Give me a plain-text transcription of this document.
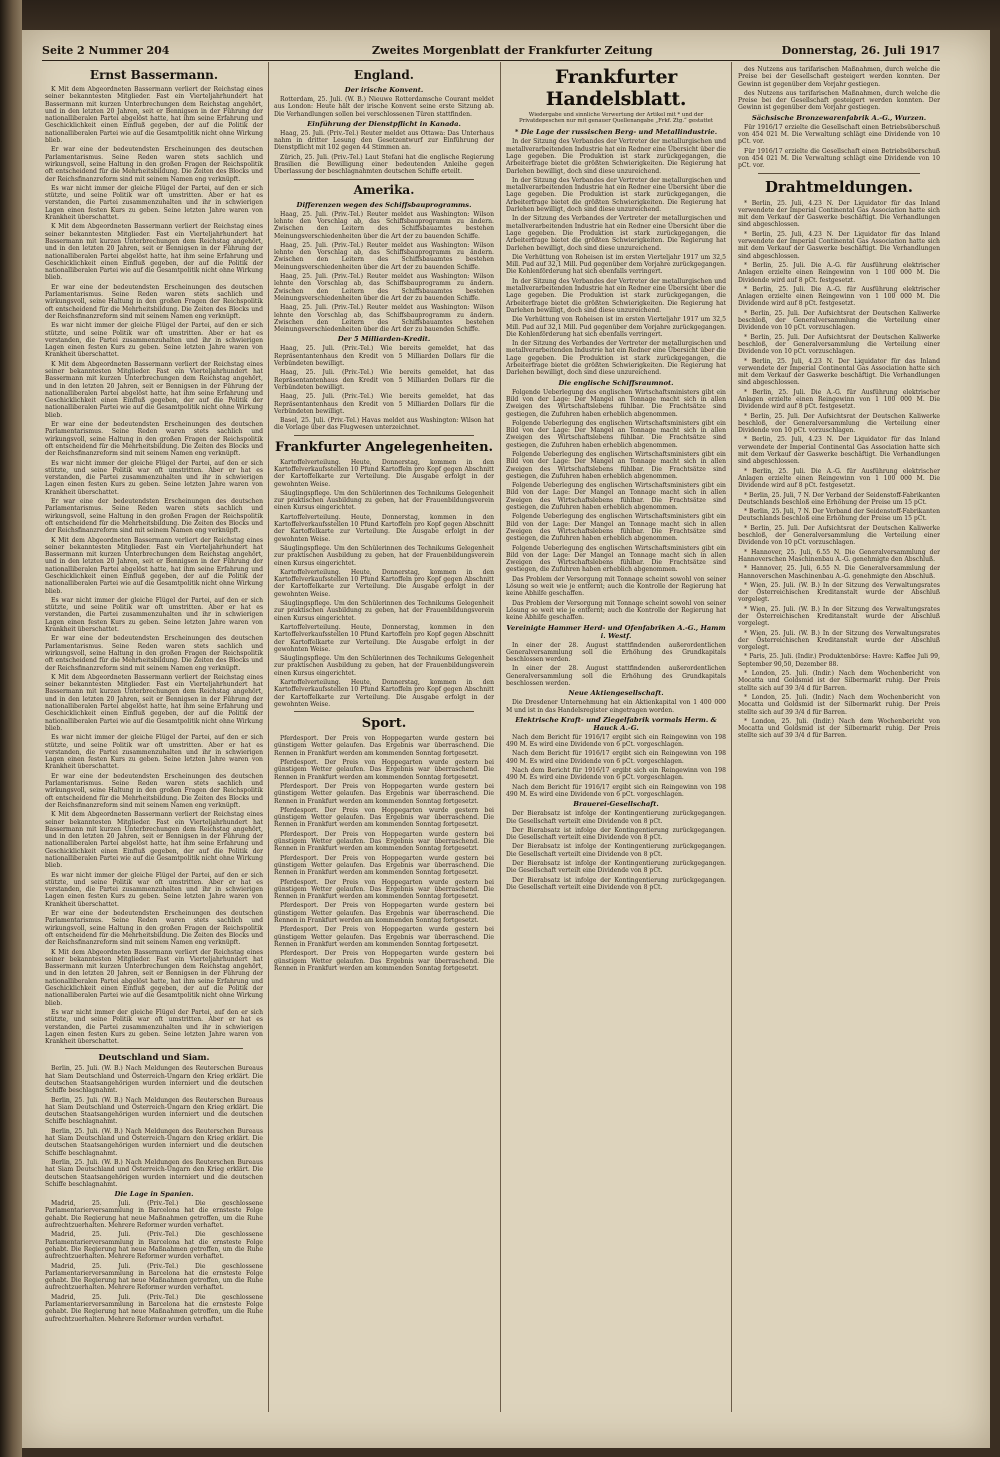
Seite 2 Nummer 204	Zweites Morgenblatt der Frankfurter Zeitung	Donnerstag, 26. Juli 1917
Ernst Bassermann.

K Mit dem Abgeordneten Bassermann verliert der Reichstag eines seiner bekanntesten Mitglieder. Fast ein Vierteljahrhundert hat Bassermann mit kurzen Unterbrechungen dem Reichstag angehört, und in den letzten 20 Jahren, seit er Bennigsen in der Führung der nationalliberalen Partei abgelöst hatte, hat ihm seine Erfahrung und Geschicklichkeit einen Einfluß gegeben, der auf die Politik der nationalliberalen Partei wie auf die Gesamtpolitik nicht ohne Wirkung blieb.

Er war eine der bedeutendsten Erscheinungen des deutschen Parlamentarismus. Seine Reden waren stets sachlich und wirkungsvoll, seine Haltung in den großen Fragen der Reichspolitik oft entscheidend für die Mehrheitsbildung. Die Zeiten des Blocks und der Reichsfinanzreform sind mit seinem Namen eng verknüpft.

Es war nicht immer der gleiche Flügel der Partei, auf den er sich stützte, und seine Politik war oft umstritten. Aber er hat es verstanden, die Partei zusammenzuhalten und ihr in schwierigen Lagen einen festen Kurs zu geben. Seine letzten Jahre waren von Krankheit überschattet.

K Mit dem Abgeordneten Bassermann verliert der Reichstag eines seiner bekanntesten Mitglieder. Fast ein Vierteljahrhundert hat Bassermann mit kurzen Unterbrechungen dem Reichstag angehört, und in den letzten 20 Jahren, seit er Bennigsen in der Führung der nationalliberalen Partei abgelöst hatte, hat ihm seine Erfahrung und Geschicklichkeit einen Einfluß gegeben, der auf die Politik der nationalliberalen Partei wie auf die Gesamtpolitik nicht ohne Wirkung blieb.

Er war eine der bedeutendsten Erscheinungen des deutschen Parlamentarismus. Seine Reden waren stets sachlich und wirkungsvoll, seine Haltung in den großen Fragen der Reichspolitik oft entscheidend für die Mehrheitsbildung. Die Zeiten des Blocks und der Reichsfinanzreform sind mit seinem Namen eng verknüpft.

Es war nicht immer der gleiche Flügel der Partei, auf den er sich stützte, und seine Politik war oft umstritten. Aber er hat es verstanden, die Partei zusammenzuhalten und ihr in schwierigen Lagen einen festen Kurs zu geben. Seine letzten Jahre waren von Krankheit überschattet.

K Mit dem Abgeordneten Bassermann verliert der Reichstag eines seiner bekanntesten Mitglieder. Fast ein Vierteljahrhundert hat Bassermann mit kurzen Unterbrechungen dem Reichstag angehört, und in den letzten 20 Jahren, seit er Bennigsen in der Führung der nationalliberalen Partei abgelöst hatte, hat ihm seine Erfahrung und Geschicklichkeit einen Einfluß gegeben, der auf die Politik der nationalliberalen Partei wie auf die Gesamtpolitik nicht ohne Wirkung blieb.

Er war eine der bedeutendsten Erscheinungen des deutschen Parlamentarismus. Seine Reden waren stets sachlich und wirkungsvoll, seine Haltung in den großen Fragen der Reichspolitik oft entscheidend für die Mehrheitsbildung. Die Zeiten des Blocks und der Reichsfinanzreform sind mit seinem Namen eng verknüpft.

Es war nicht immer der gleiche Flügel der Partei, auf den er sich stützte, und seine Politik war oft umstritten. Aber er hat es verstanden, die Partei zusammenzuhalten und ihr in schwierigen Lagen einen festen Kurs zu geben. Seine letzten Jahre waren von Krankheit überschattet.

Er war eine der bedeutendsten Erscheinungen des deutschen Parlamentarismus. Seine Reden waren stets sachlich und wirkungsvoll, seine Haltung in den großen Fragen der Reichspolitik oft entscheidend für die Mehrheitsbildung. Die Zeiten des Blocks und der Reichsfinanzreform sind mit seinem Namen eng verknüpft.

K Mit dem Abgeordneten Bassermann verliert der Reichstag eines seiner bekanntesten Mitglieder. Fast ein Vierteljahrhundert hat Bassermann mit kurzen Unterbrechungen dem Reichstag angehört, und in den letzten 20 Jahren, seit er Bennigsen in der Führung der nationalliberalen Partei abgelöst hatte, hat ihm seine Erfahrung und Geschicklichkeit einen Einfluß gegeben, der auf die Politik der nationalliberalen Partei wie auf die Gesamtpolitik nicht ohne Wirkung blieb.

Es war nicht immer der gleiche Flügel der Partei, auf den er sich stützte, und seine Politik war oft umstritten. Aber er hat es verstanden, die Partei zusammenzuhalten und ihr in schwierigen Lagen einen festen Kurs zu geben. Seine letzten Jahre waren von Krankheit überschattet.

Er war eine der bedeutendsten Erscheinungen des deutschen Parlamentarismus. Seine Reden waren stets sachlich und wirkungsvoll, seine Haltung in den großen Fragen der Reichspolitik oft entscheidend für die Mehrheitsbildung. Die Zeiten des Blocks und der Reichsfinanzreform sind mit seinem Namen eng verknüpft.

K Mit dem Abgeordneten Bassermann verliert der Reichstag eines seiner bekanntesten Mitglieder. Fast ein Vierteljahrhundert hat Bassermann mit kurzen Unterbrechungen dem Reichstag angehört, und in den letzten 20 Jahren, seit er Bennigsen in der Führung der nationalliberalen Partei abgelöst hatte, hat ihm seine Erfahrung und Geschicklichkeit einen Einfluß gegeben, der auf die Politik der nationalliberalen Partei wie auf die Gesamtpolitik nicht ohne Wirkung blieb.

Es war nicht immer der gleiche Flügel der Partei, auf den er sich stützte, und seine Politik war oft umstritten. Aber er hat es verstanden, die Partei zusammenzuhalten und ihr in schwierigen Lagen einen festen Kurs zu geben. Seine letzten Jahre waren von Krankheit überschattet.

Er war eine der bedeutendsten Erscheinungen des deutschen Parlamentarismus. Seine Reden waren stets sachlich und wirkungsvoll, seine Haltung in den großen Fragen der Reichspolitik oft entscheidend für die Mehrheitsbildung. Die Zeiten des Blocks und der Reichsfinanzreform sind mit seinem Namen eng verknüpft.

K Mit dem Abgeordneten Bassermann verliert der Reichstag eines seiner bekanntesten Mitglieder. Fast ein Vierteljahrhundert hat Bassermann mit kurzen Unterbrechungen dem Reichstag angehört, und in den letzten 20 Jahren, seit er Bennigsen in der Führung der nationalliberalen Partei abgelöst hatte, hat ihm seine Erfahrung und Geschicklichkeit einen Einfluß gegeben, der auf die Politik der nationalliberalen Partei wie auf die Gesamtpolitik nicht ohne Wirkung blieb.

Es war nicht immer der gleiche Flügel der Partei, auf den er sich stützte, und seine Politik war oft umstritten. Aber er hat es verstanden, die Partei zusammenzuhalten und ihr in schwierigen Lagen einen festen Kurs zu geben. Seine letzten Jahre waren von Krankheit überschattet.

Er war eine der bedeutendsten Erscheinungen des deutschen Parlamentarismus. Seine Reden waren stets sachlich und wirkungsvoll, seine Haltung in den großen Fragen der Reichspolitik oft entscheidend für die Mehrheitsbildung. Die Zeiten des Blocks und der Reichsfinanzreform sind mit seinem Namen eng verknüpft.

K Mit dem Abgeordneten Bassermann verliert der Reichstag eines seiner bekanntesten Mitglieder. Fast ein Vierteljahrhundert hat Bassermann mit kurzen Unterbrechungen dem Reichstag angehört, und in den letzten 20 Jahren, seit er Bennigsen in der Führung der nationalliberalen Partei abgelöst hatte, hat ihm seine Erfahrung und Geschicklichkeit einen Einfluß gegeben, der auf die Politik der nationalliberalen Partei wie auf die Gesamtpolitik nicht ohne Wirkung blieb.

Es war nicht immer der gleiche Flügel der Partei, auf den er sich stützte, und seine Politik war oft umstritten. Aber er hat es verstanden, die Partei zusammenzuhalten und ihr in schwierigen Lagen einen festen Kurs zu geben. Seine letzten Jahre waren von Krankheit überschattet.

Deutschland und Siam.

Berlin, 25. Juli. (W. B.) Nach Meldungen des Reuterschen Bureaus hat Siam Deutschland und Österreich-Ungarn den Krieg erklärt. Die deutschen Staatsangehörigen wurden interniert und die deutschen Schiffe beschlagnahmt.

Berlin, 25. Juli. (W. B.) Nach Meldungen des Reuterschen Bureaus hat Siam Deutschland und Österreich-Ungarn den Krieg erklärt. Die deutschen Staatsangehörigen wurden interniert und die deutschen Schiffe beschlagnahmt.

Berlin, 25. Juli. (W. B.) Nach Meldungen des Reuterschen Bureaus hat Siam Deutschland und Österreich-Ungarn den Krieg erklärt. Die deutschen Staatsangehörigen wurden interniert und die deutschen Schiffe beschlagnahmt.

Berlin, 25. Juli. (W. B.) Nach Meldungen des Reuterschen Bureaus hat Siam Deutschland und Österreich-Ungarn den Krieg erklärt. Die deutschen Staatsangehörigen wurden interniert und die deutschen Schiffe beschlagnahmt.

Die Lage in Spanien.

Madrid, 25. Juli. (Priv.-Tel.) Die geschlossene Parlamentarierversammlung in Barcelona hat die ernsteste Folge gehabt. Die Regierung hat neue Maßnahmen getroffen, um die Ruhe aufrechtzuerhalten. Mehrere Reformer wurden verhaftet.

Madrid, 25. Juli. (Priv.-Tel.) Die geschlossene Parlamentarierversammlung in Barcelona hat die ernsteste Folge gehabt. Die Regierung hat neue Maßnahmen getroffen, um die Ruhe aufrechtzuerhalten. Mehrere Reformer wurden verhaftet.

Madrid, 25. Juli. (Priv.-Tel.) Die geschlossene Parlamentarierversammlung in Barcelona hat die ernsteste Folge gehabt. Die Regierung hat neue Maßnahmen getroffen, um die Ruhe aufrechtzuerhalten. Mehrere Reformer wurden verhaftet.

Madrid, 25. Juli. (Priv.-Tel.) Die geschlossene Parlamentarierversammlung in Barcelona hat die ernsteste Folge gehabt. Die Regierung hat neue Maßnahmen getroffen, um die Ruhe aufrechtzuerhalten. Mehrere Reformer wurden verhaftet.

England.
Der irische Konvent.

Rotterdam, 25. Juli. (W. B.) Nieuwe Rotterdamsche Courant meldet aus London: Heute hält der irische Konvent seine erste Sitzung ab. Die Verhandlungen sollen bei verschlossenen Türen stattfinden.

Einführung der Dienstpflicht in Kanada.

Haag, 25. Juli. (Priv.-Tel.) Reuter meldet aus Ottawa: Das Unterhaus nahm in dritter Lesung den Gesetzentwurf zur Einführung der Dienstpflicht mit 102 gegen 44 Stimmen an.

Zürich, 25. Juli. (Priv.-Tel.) Laut Stefani hat die englische Regierung Brasilien die Bewilligung einer bedeutenden Anleihe gegen Überlassung der beschlagnahmten deutschen Schiffe erteilt.

Amerika.
Differenzen wegen des Schiffsbauprogramms.

Haag, 25. Juli. (Priv.-Tel.) Reuter meldet aus Washington: Wilson lehnte den Vorschlag ab, das Schiffsbauprogramm zu ändern. Zwischen den Leitern des Schiffsbauamtes bestehen Meinungsverschiedenheiten über die Art der zu bauenden Schiffe.

Haag, 25. Juli. (Priv.-Tel.) Reuter meldet aus Washington: Wilson lehnte den Vorschlag ab, das Schiffsbauprogramm zu ändern. Zwischen den Leitern des Schiffsbauamtes bestehen Meinungsverschiedenheiten über die Art der zu bauenden Schiffe.

Haag, 25. Juli. (Priv.-Tel.) Reuter meldet aus Washington: Wilson lehnte den Vorschlag ab, das Schiffsbauprogramm zu ändern. Zwischen den Leitern des Schiffsbauamtes bestehen Meinungsverschiedenheiten über die Art der zu bauenden Schiffe.

Haag, 25. Juli. (Priv.-Tel.) Reuter meldet aus Washington: Wilson lehnte den Vorschlag ab, das Schiffsbauprogramm zu ändern. Zwischen den Leitern des Schiffsbauamtes bestehen Meinungsverschiedenheiten über die Art der zu bauenden Schiffe.

Der 5 Milliarden-Kredit.

Haag, 25. Juli. (Priv.-Tel.) Wie bereits gemeldet, hat das Repräsentantenhaus den Kredit von 5 Milliarden Dollars für die Verbündeten bewilligt.

Haag, 25. Juli. (Priv.-Tel.) Wie bereits gemeldet, hat das Repräsentantenhaus den Kredit von 5 Milliarden Dollars für die Verbündeten bewilligt.

Haag, 25. Juli. (Priv.-Tel.) Wie bereits gemeldet, hat das Repräsentantenhaus den Kredit von 5 Milliarden Dollars für die Verbündeten bewilligt.

Basel, 25. Juli. (Priv.-Tel.) Havas meldet aus Washington: Wilson hat die Vorlage über das Flugwesen unterzeichnet.

Frankfurter Angelegenheiten.

Kartoffelverteilung. Heute, Donnerstag, kommen in den Kartoffelverkaufsstellen 10 Pfund Kartoffeln pro Kopf gegen Abschnitt der Kartoffelkarte zur Verteilung. Die Ausgabe erfolgt in der gewohnten Weise.

Säuglingspflege. Um den Schülerinnen des Technikums Gelegenheit zur praktischen Ausbildung zu geben, hat der Frauenbildungsverein einen Kursus eingerichtet.

Kartoffelverteilung. Heute, Donnerstag, kommen in den Kartoffelverkaufsstellen 10 Pfund Kartoffeln pro Kopf gegen Abschnitt der Kartoffelkarte zur Verteilung. Die Ausgabe erfolgt in der gewohnten Weise.

Säuglingspflege. Um den Schülerinnen des Technikums Gelegenheit zur praktischen Ausbildung zu geben, hat der Frauenbildungsverein einen Kursus eingerichtet.

Kartoffelverteilung. Heute, Donnerstag, kommen in den Kartoffelverkaufsstellen 10 Pfund Kartoffeln pro Kopf gegen Abschnitt der Kartoffelkarte zur Verteilung. Die Ausgabe erfolgt in der gewohnten Weise.

Säuglingspflege. Um den Schülerinnen des Technikums Gelegenheit zur praktischen Ausbildung zu geben, hat der Frauenbildungsverein einen Kursus eingerichtet.

Kartoffelverteilung. Heute, Donnerstag, kommen in den Kartoffelverkaufsstellen 10 Pfund Kartoffeln pro Kopf gegen Abschnitt der Kartoffelkarte zur Verteilung. Die Ausgabe erfolgt in der gewohnten Weise.

Säuglingspflege. Um den Schülerinnen des Technikums Gelegenheit zur praktischen Ausbildung zu geben, hat der Frauenbildungsverein einen Kursus eingerichtet.

Kartoffelverteilung. Heute, Donnerstag, kommen in den Kartoffelverkaufsstellen 10 Pfund Kartoffeln pro Kopf gegen Abschnitt der Kartoffelkarte zur Verteilung. Die Ausgabe erfolgt in der gewohnten Weise.

Sport.

Pferdesport. Der Preis von Hoppegarten wurde gestern bei günstigem Wetter gelaufen. Das Ergebnis war überraschend. Die Rennen in Frankfurt werden am kommenden Sonntag fortgesetzt.

Pferdesport. Der Preis von Hoppegarten wurde gestern bei günstigem Wetter gelaufen. Das Ergebnis war überraschend. Die Rennen in Frankfurt werden am kommenden Sonntag fortgesetzt.

Pferdesport. Der Preis von Hoppegarten wurde gestern bei günstigem Wetter gelaufen. Das Ergebnis war überraschend. Die Rennen in Frankfurt werden am kommenden Sonntag fortgesetzt.

Pferdesport. Der Preis von Hoppegarten wurde gestern bei günstigem Wetter gelaufen. Das Ergebnis war überraschend. Die Rennen in Frankfurt werden am kommenden Sonntag fortgesetzt.

Pferdesport. Der Preis von Hoppegarten wurde gestern bei günstigem Wetter gelaufen. Das Ergebnis war überraschend. Die Rennen in Frankfurt werden am kommenden Sonntag fortgesetzt.

Pferdesport. Der Preis von Hoppegarten wurde gestern bei günstigem Wetter gelaufen. Das Ergebnis war überraschend. Die Rennen in Frankfurt werden am kommenden Sonntag fortgesetzt.

Pferdesport. Der Preis von Hoppegarten wurde gestern bei günstigem Wetter gelaufen. Das Ergebnis war überraschend. Die Rennen in Frankfurt werden am kommenden Sonntag fortgesetzt.

Pferdesport. Der Preis von Hoppegarten wurde gestern bei günstigem Wetter gelaufen. Das Ergebnis war überraschend. Die Rennen in Frankfurt werden am kommenden Sonntag fortgesetzt.

Pferdesport. Der Preis von Hoppegarten wurde gestern bei günstigem Wetter gelaufen. Das Ergebnis war überraschend. Die Rennen in Frankfurt werden am kommenden Sonntag fortgesetzt.

Pferdesport. Der Preis von Hoppegarten wurde gestern bei günstigem Wetter gelaufen. Das Ergebnis war überraschend. Die Rennen in Frankfurt werden am kommenden Sonntag fortgesetzt.

Frankfurter Handelsblatt.
Wiedergabe und sinnliche Verwertung der Artikel mit * und der Privatdepeschen nur mit genauer Quellenangabe „Frkf. Ztg.“ gestattet
* Die Lage der russischen Berg- und Metallindustrie.

In der Sitzung des Verbandes der Vertreter der metallurgischen und metallverarbeitenden Industrie hat ein Redner eine Übersicht über die Lage gegeben. Die Produktion ist stark zurückgegangen, die Arbeiterfrage bietet die größten Schwierigkeiten. Die Regierung hat Darlehen bewilligt, doch sind diese unzureichend.

In der Sitzung des Verbandes der Vertreter der metallurgischen und metallverarbeitenden Industrie hat ein Redner eine Übersicht über die Lage gegeben. Die Produktion ist stark zurückgegangen, die Arbeiterfrage bietet die größten Schwierigkeiten. Die Regierung hat Darlehen bewilligt, doch sind diese unzureichend.

In der Sitzung des Verbandes der Vertreter der metallurgischen und metallverarbeitenden Industrie hat ein Redner eine Übersicht über die Lage gegeben. Die Produktion ist stark zurückgegangen, die Arbeiterfrage bietet die größten Schwierigkeiten. Die Regierung hat Darlehen bewilligt, doch sind diese unzureichend.

Die Verhüttung von Roheisen ist im ersten Vierteljahr 1917 um 32,5 Mill. Pud auf 32,1 Mill. Pud gegenüber dem Vorjahre zurückgegangen. Die Kohlenförderung hat sich ebenfalls verringert.

In der Sitzung des Verbandes der Vertreter der metallurgischen und metallverarbeitenden Industrie hat ein Redner eine Übersicht über die Lage gegeben. Die Produktion ist stark zurückgegangen, die Arbeiterfrage bietet die größten Schwierigkeiten. Die Regierung hat Darlehen bewilligt, doch sind diese unzureichend.

Die Verhüttung von Roheisen ist im ersten Vierteljahr 1917 um 32,5 Mill. Pud auf 32,1 Mill. Pud gegenüber dem Vorjahre zurückgegangen. Die Kohlenförderung hat sich ebenfalls verringert.

In der Sitzung des Verbandes der Vertreter der metallurgischen und metallverarbeitenden Industrie hat ein Redner eine Übersicht über die Lage gegeben. Die Produktion ist stark zurückgegangen, die Arbeiterfrage bietet die größten Schwierigkeiten. Die Regierung hat Darlehen bewilligt, doch sind diese unzureichend.

Die englische Schiffsraumnot.

Folgende Ueberlegung des englischen Wirtschaftsministers gibt ein Bild von der Lage: Der Mangel an Tonnage macht sich in allen Zweigen des Wirtschaftslebens fühlbar. Die Frachtsätze sind gestiegen, die Zufuhren haben erheblich abgenommen.

Folgende Ueberlegung des englischen Wirtschaftsministers gibt ein Bild von der Lage: Der Mangel an Tonnage macht sich in allen Zweigen des Wirtschaftslebens fühlbar. Die Frachtsätze sind gestiegen, die Zufuhren haben erheblich abgenommen.

Folgende Ueberlegung des englischen Wirtschaftsministers gibt ein Bild von der Lage: Der Mangel an Tonnage macht sich in allen Zweigen des Wirtschaftslebens fühlbar. Die Frachtsätze sind gestiegen, die Zufuhren haben erheblich abgenommen.

Folgende Ueberlegung des englischen Wirtschaftsministers gibt ein Bild von der Lage: Der Mangel an Tonnage macht sich in allen Zweigen des Wirtschaftslebens fühlbar. Die Frachtsätze sind gestiegen, die Zufuhren haben erheblich abgenommen.

Folgende Ueberlegung des englischen Wirtschaftsministers gibt ein Bild von der Lage: Der Mangel an Tonnage macht sich in allen Zweigen des Wirtschaftslebens fühlbar. Die Frachtsätze sind gestiegen, die Zufuhren haben erheblich abgenommen.

Folgende Ueberlegung des englischen Wirtschaftsministers gibt ein Bild von der Lage: Der Mangel an Tonnage macht sich in allen Zweigen des Wirtschaftslebens fühlbar. Die Frachtsätze sind gestiegen, die Zufuhren haben erheblich abgenommen.

Das Problem der Versorgung mit Tonnage scheint sowohl von seiner Lösung so weit wie je entfernt; auch die Kontrolle der Regierung hat keine Abhilfe geschaffen.

Das Problem der Versorgung mit Tonnage scheint sowohl von seiner Lösung so weit wie je entfernt; auch die Kontrolle der Regierung hat keine Abhilfe geschaffen.

Vereinigte Hammer Herd- und Ofenfabriken A.-G., Hamm i. Westf.

In einer der 28. August stattfindenden außerordentlichen Generalversammlung soll die Erhöhung des Grundkapitals beschlossen werden.

In einer der 28. August stattfindenden außerordentlichen Generalversammlung soll die Erhöhung des Grundkapitals beschlossen werden.

Neue Aktiengesellschaft.

Die Dresdener Unternehmung hat ein Aktienkapital von 1 400 000 M und ist in das Handelsregister eingetragen worden.

Elektrische Kraft- und Ziegelfabrik vormals Herm. & Hauck A.-G.

Nach dem Bericht für 1916/17 ergibt sich ein Reingewinn von 198 490 M. Es wird eine Dividende von 6 pCt. vorgeschlagen.

Nach dem Bericht für 1916/17 ergibt sich ein Reingewinn von 198 490 M. Es wird eine Dividende von 6 pCt. vorgeschlagen.

Nach dem Bericht für 1916/17 ergibt sich ein Reingewinn von 198 490 M. Es wird eine Dividende von 6 pCt. vorgeschlagen.

Nach dem Bericht für 1916/17 ergibt sich ein Reingewinn von 198 490 M. Es wird eine Dividende von 6 pCt. vorgeschlagen.

Brauerei-Gesellschaft.

Der Bierabsatz ist infolge der Kontingentierung zurückgegangen. Die Gesellschaft verteilt eine Dividende von 8 pCt.

Der Bierabsatz ist infolge der Kontingentierung zurückgegangen. Die Gesellschaft verteilt eine Dividende von 8 pCt.

Der Bierabsatz ist infolge der Kontingentierung zurückgegangen. Die Gesellschaft verteilt eine Dividende von 8 pCt.

Der Bierabsatz ist infolge der Kontingentierung zurückgegangen. Die Gesellschaft verteilt eine Dividende von 8 pCt.

Der Bierabsatz ist infolge der Kontingentierung zurückgegangen. Die Gesellschaft verteilt eine Dividende von 8 pCt.

des Nutzens aus tarifarischen Maßnahmen, durch welche die Preise bei der Gesellschaft gesteigert werden konnten. Der Gewinn ist gegenüber dem Vorjahr gestiegen.

des Nutzens aus tarifarischen Maßnahmen, durch welche die Preise bei der Gesellschaft gesteigert werden konnten. Der Gewinn ist gegenüber dem Vorjahr gestiegen.

Sächsische Bronzewarenfabrik A.-G., Wurzen.

Für 1916/17 erzielte die Gesellschaft einen Betriebsüberschuß von 454 021 M. Die Verwaltung schlägt eine Dividende von 10 pCt. vor.

Für 1916/17 erzielte die Gesellschaft einen Betriebsüberschuß von 454 021 M. Die Verwaltung schlägt eine Dividende von 10 pCt. vor.

Drahtmeldungen.

* Berlin, 25. Juli, 4.23 N. Der Liquidator für das Inland verwendete der Imperial Continental Gas Association hatte sich mit dem Verkauf der Gaswerke beschäftigt. Die Verhandlungen sind abgeschlossen.

* Berlin, 25. Juli, 4.23 N. Der Liquidator für das Inland verwendete der Imperial Continental Gas Association hatte sich mit dem Verkauf der Gaswerke beschäftigt. Die Verhandlungen sind abgeschlossen.

* Berlin, 25. Juli. Die A.-G. für Ausführung elektrischer Anlagen erzielte einen Reingewinn von 1 100 000 M. Die Dividende wird auf 8 pCt. festgesetzt.

* Berlin, 25. Juli. Die A.-G. für Ausführung elektrischer Anlagen erzielte einen Reingewinn von 1 100 000 M. Die Dividende wird auf 8 pCt. festgesetzt.

* Berlin, 25. Juli. Der Aufsichtsrat der Deutschen Kaliwerke beschloß, der Generalversammlung die Verteilung einer Dividende von 10 pCt. vorzuschlagen.

* Berlin, 25. Juli. Der Aufsichtsrat der Deutschen Kaliwerke beschloß, der Generalversammlung die Verteilung einer Dividende von 10 pCt. vorzuschlagen.

* Berlin, 25. Juli, 4.23 N. Der Liquidator für das Inland verwendete der Imperial Continental Gas Association hatte sich mit dem Verkauf der Gaswerke beschäftigt. Die Verhandlungen sind abgeschlossen.

* Berlin, 25. Juli. Die A.-G. für Ausführung elektrischer Anlagen erzielte einen Reingewinn von 1 100 000 M. Die Dividende wird auf 8 pCt. festgesetzt.

* Berlin, 25. Juli. Der Aufsichtsrat der Deutschen Kaliwerke beschloß, der Generalversammlung die Verteilung einer Dividende von 10 pCt. vorzuschlagen.

* Berlin, 25. Juli, 4.23 N. Der Liquidator für das Inland verwendete der Imperial Continental Gas Association hatte sich mit dem Verkauf der Gaswerke beschäftigt. Die Verhandlungen sind abgeschlossen.

* Berlin, 25. Juli. Die A.-G. für Ausführung elektrischer Anlagen erzielte einen Reingewinn von 1 100 000 M. Die Dividende wird auf 8 pCt. festgesetzt.

* Berlin, 25. Juli, 7 N. Der Verband der Seidenstoff-Fabrikanten Deutschlands beschloß eine Erhöhung der Preise um 15 pCt.

* Berlin, 25. Juli, 7 N. Der Verband der Seidenstoff-Fabrikanten Deutschlands beschloß eine Erhöhung der Preise um 15 pCt.

* Berlin, 25. Juli. Der Aufsichtsrat der Deutschen Kaliwerke beschloß, der Generalversammlung die Verteilung einer Dividende von 10 pCt. vorzuschlagen.

* Hannover, 25. Juli, 6.55 N. Die Generalversammlung der Hannoverschen Maschinenbau A.-G. genehmigte den Abschluß.

* Hannover, 25. Juli, 6.55 N. Die Generalversammlung der Hannoverschen Maschinenbau A.-G. genehmigte den Abschluß.

* Wien, 25. Juli. (W. B.) In der Sitzung des Verwaltungsrates der Österreichischen Kreditanstalt wurde der Abschluß vorgelegt.

* Wien, 25. Juli. (W. B.) In der Sitzung des Verwaltungsrates der Österreichischen Kreditanstalt wurde der Abschluß vorgelegt.

* Wien, 25. Juli. (W. B.) In der Sitzung des Verwaltungsrates der Österreichischen Kreditanstalt wurde der Abschluß vorgelegt.

* Paris, 25. Juli. (Indir.) Produktenbörse: Havre: Kaffee Juli 99, September 90,50, Dezember 88.

* London, 25. Juli. (Indir.) Nach dem Wochenbericht von Mocatta und Goldsmid ist der Silbermarkt ruhig. Der Preis stellte sich auf 39 3/4 d für Barren.

* London, 25. Juli. (Indir.) Nach dem Wochenbericht von Mocatta und Goldsmid ist der Silbermarkt ruhig. Der Preis stellte sich auf 39 3/4 d für Barren.

* London, 25. Juli. (Indir.) Nach dem Wochenbericht von Mocatta und Goldsmid ist der Silbermarkt ruhig. Der Preis stellte sich auf 39 3/4 d für Barren.
